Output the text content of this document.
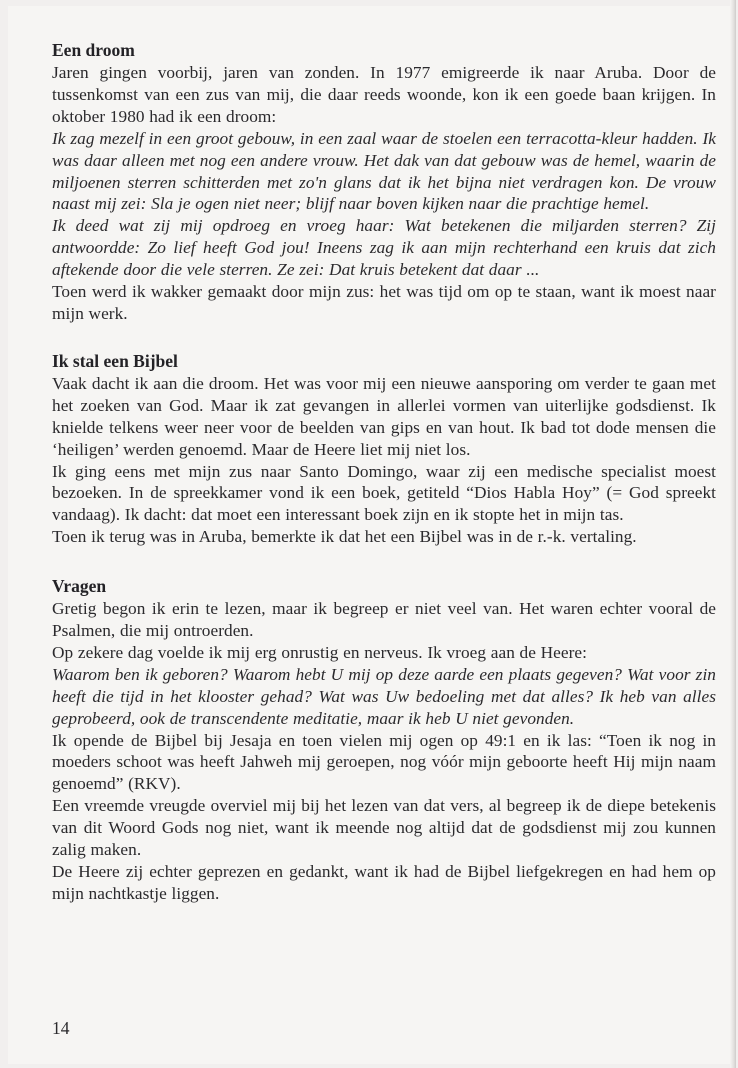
Een droom

Jaren gingen voorbij, jaren van zonden. In 1977 emigreerde ik naar Aruba. Door de tussenkomst van een zus van mij, die daar reeds woonde, kon ik een goede baan krijgen. In oktober 1980 had ik een droom:

Ik zag mezelf in een groot gebouw, in een zaal waar de stoelen een terracotta-kleur hadden. Ik was daar alleen met nog een andere vrouw. Het dak van dat gebouw was de hemel, waarin de miljoenen sterren schitterden met zo'n glans dat ik het bijna niet verdragen kon. De vrouw naast mij zei: Sla je ogen niet neer; blijf naar boven kijken naar die prachtige hemel.

Ik deed wat zij mij opdroeg en vroeg haar: Wat betekenen die miljarden sterren? Zij antwoordde: Zo lief heeft God jou! Ineens zag ik aan mijn rechterhand een kruis dat zich aftekende door die vele sterren. Ze zei: Dat kruis betekent dat daar ...

Toen werd ik wakker gemaakt door mijn zus: het was tijd om op te staan, want ik moest naar mijn werk.

Ik stal een Bijbel

Vaak dacht ik aan die droom. Het was voor mij een nieuwe aansporing om verder te gaan met het zoeken van God. Maar ik zat gevangen in allerlei vormen van uiterlijke godsdienst. Ik knielde telkens weer neer voor de beelden van gips en van hout. Ik bad tot dode mensen die ‘heiligen’ werden genoemd. Maar de Heere liet mij niet los.

Ik ging eens met mijn zus naar Santo Domingo, waar zij een medische specialist moest bezoeken. In de spreekkamer vond ik een boek, getiteld “Dios Habla Hoy” (= God spreekt vandaag). Ik dacht: dat moet een interessant boek zijn en ik stopte het in mijn tas.

Toen ik terug was in Aruba, bemerkte ik dat het een Bijbel was in de r.-k. vertaling.

Vragen

Gretig begon ik erin te lezen, maar ik begreep er niet veel van. Het waren echter vooral de Psalmen, die mij ontroerden.

Op zekere dag voelde ik mij erg onrustig en nerveus. Ik vroeg aan de Heere:

Waarom ben ik geboren? Waarom hebt U mij op deze aarde een plaats gegeven? Wat voor zin heeft die tijd in het klooster gehad? Wat was Uw bedoeling met dat alles? Ik heb van alles geprobeerd, ook de transcendente meditatie, maar ik heb U niet gevonden.

Ik opende de Bijbel bij Jesaja en toen vielen mij ogen op 49:1 en ik las: “Toen ik nog in moeders schoot was heeft Jahweh mij geroepen, nog vóór mijn geboorte heeft Hij mijn naam genoemd” (RKV).

Een vreemde vreugde overviel mij bij het lezen van dat vers, al begreep ik de diepe betekenis van dit Woord Gods nog niet, want ik meende nog altijd dat de godsdienst mij zou kunnen zalig maken.

De Heere zij echter geprezen en gedankt, want ik had de Bijbel liefgekregen en had hem op mijn nachtkastje liggen.

14
